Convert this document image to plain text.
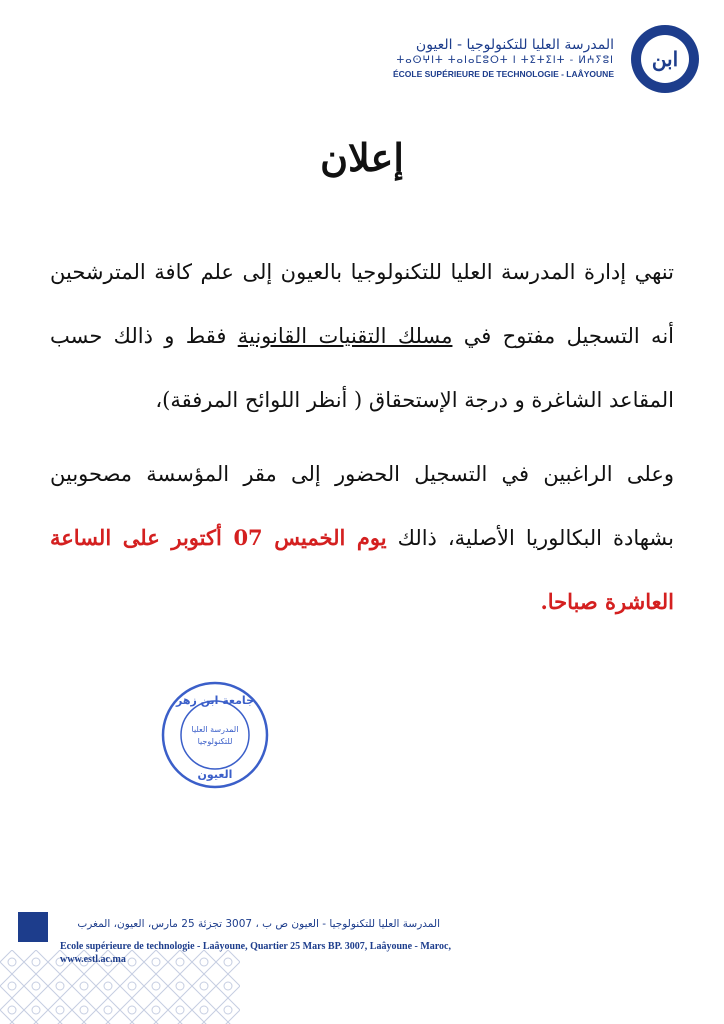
المدرسة العليا للتكنولوجيا - العيون
ⵜⴰⵙⵖⵏⵜ ⵜⴰⵏⴰⵎⵓⵔⵜ ⵏ ⵜⵉⵜⵉⵏⵜ - ⵍⵄⵢⵓⵏ
ÉCOLE SUPÉRIEURE DE TECHNOLOGIE - LAÂYOUNE
ابن
إعلان
تنهي إدارة المدرسة العليا للتكنولوجيا بالعيون إلى علم كافة المترشحين أنه التسجيل مفتوح في مسلك التقنيات القانونية فقط و ذالك حسب المقاعد الشاغرة و درجة الإستحقاق ( أنظر اللوائح المرفقة)،
وعلى الراغبين في التسجيل الحضور إلى مقر المؤسسة مصحوبين بشهادة البكالوريا الأصلية، ذالك يوم الخميس 07 أكتوبر على الساعة العاشرة صباحا.
جامعة ابن زهر
المدرسة العليا
للتكنولوجيا
العيون
المدرسة العليا للتكنولوجيا - العيون ص ب ، 3007 تجزئة 25 مارس، العيون، المغرب
Ecole supérieure de technologie - Laâyoune, Quartier 25 Mars BP. 3007, Laâyoune - Maroc,
www.estl.ac.ma
